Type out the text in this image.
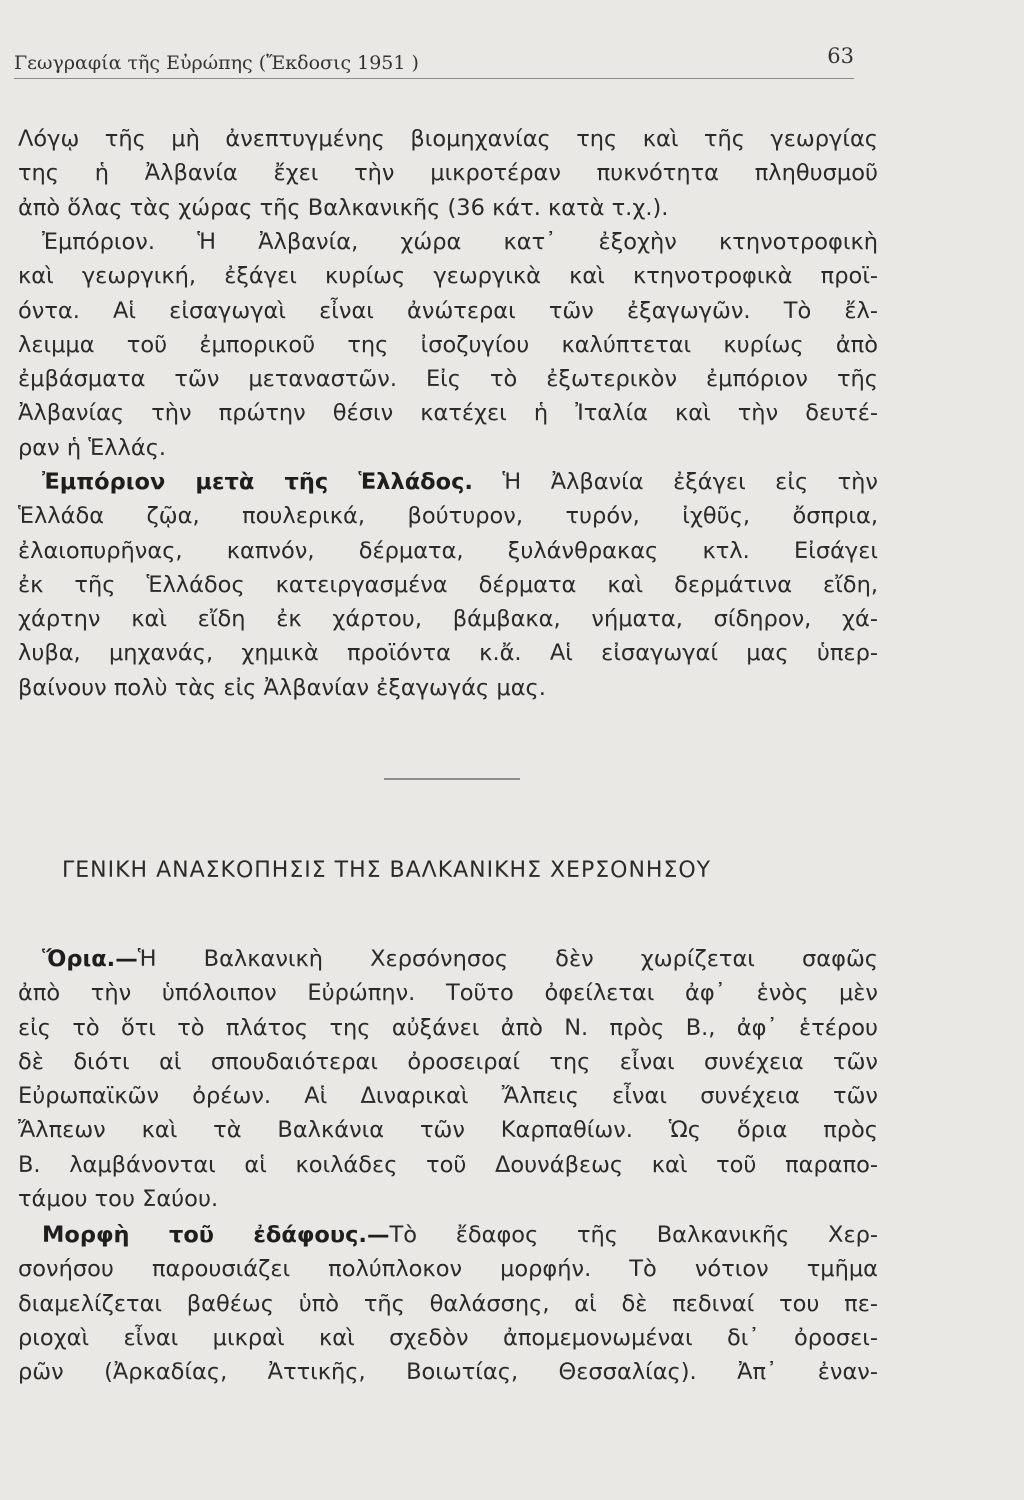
Γεωγραφία τῆς Εὐρώπης (Ἔκδοσις 1951 )	63
Λόγῳ τῆς μὴ ἀνεπτυγμένης βιομηχανίας της καὶ τῆς γεωργίας
της ἡ Ἀλβανία ἔχει τὴν μικροτέραν πυκνότητα πληθυσμοῦ
ἀπὸ ὅλας τὰς χώρας τῆς Βαλκανικῆς (36 κάτ. κατὰ τ.χ.).
Ἐμπόριον. Ἡ Ἀλβανία, χώρα κατ᾽ ἐξοχὴν κτηνοτροφικὴ
καὶ γεωργική, ἐξάγει κυρίως γεωργικὰ καὶ κτηνοτροφικὰ προϊ-
όντα. Αἱ εἰσαγωγαὶ εἶναι ἀνώτεραι τῶν ἐξαγωγῶν. Τὸ ἔλ-
λειμμα τοῦ ἐμπορικοῦ της ἰσοζυγίου καλύπτεται κυρίως ἀπὸ
ἐμβάσματα τῶν μεταναστῶν. Εἰς τὸ ἐξωτερικὸν ἐμπόριον τῆς
Ἀλβανίας τὴν πρώτην θέσιν κατέχει ἡ Ἰταλία καὶ τὴν δευτέ-
ραν ἡ Ἑλλάς.
Ἐμπόριον μετὰ τῆς Ἑλλάδος. Ἡ Ἀλβανία ἐξάγει εἰς τὴν
Ἑλλάδα ζῷα, πουλερικά, βούτυρον, τυρόν, ἰχθῦς, ὄσπρια,
ἐλαιοπυρῆνας, καπνόν, δέρματα, ξυλάνθρακας κτλ. Εἰσάγει
ἐκ τῆς Ἑλλάδος κατειργασμένα δέρματα καὶ δερμάτινα εἴδη,
χάρτην καὶ εἴδη ἐκ χάρτου, βάμβακα, νήματα, σίδηρον, χά-
λυβα, μηχανάς, χημικὰ προϊόντα κ.ἄ. Αἱ εἰσαγωγαί μας ὑπερ-
βαίνουν πολὺ τὰς εἰς Ἀλβανίαν ἐξαγωγάς μας.
ΓΕΝΙΚΗ ΑΝΑΣΚΟΠΗΣΙΣ ΤΗΣ ΒΑΛΚΑΝΙΚΗΣ ΧΕΡΣΟΝΗΣΟΥ
Ὅρια.—Ἡ Βαλκανικὴ Χερσόνησος δὲν χωρίζεται σαφῶς
ἀπὸ τὴν ὑπόλοιπον Εὐρώπην. Τοῦτο ὀφείλεται ἀφ᾽ ἑνὸς μὲν
εἰς τὸ ὅτι τὸ πλάτος της αὐξάνει ἀπὸ Ν. πρὸς Β., ἀφ᾽ ἑτέρου
δὲ διότι αἱ σπουδαιότεραι ὀροσειραί της εἶναι συνέχεια τῶν
Εὐρωπαϊκῶν ὀρέων. Αἱ Διναρικαὶ Ἄλπεις εἶναι συνέχεια τῶν
Ἄλπεων καὶ τὰ Βαλκάνια τῶν Καρπαθίων. Ὡς ὅρια πρὸς
Β. λαμβάνονται αἱ κοιλάδες τοῦ Δουνάβεως καὶ τοῦ παραπο-
τάμου του Σαύου.
Μορφὴ τοῦ ἐδάφους.—Τὸ ἔδαφος τῆς Βαλκανικῆς Χερ-
σονήσου παρουσιάζει πολύπλοκον μορφήν. Τὸ νότιον τμῆμα
διαμελίζεται βαθέως ὑπὸ τῆς θαλάσσης, αἱ δὲ πεδιναί του πε-
ριοχαὶ εἶναι μικραὶ καὶ σχεδὸν ἀπομεμονωμέναι δι᾽ ὀροσει-
ρῶν (Ἀρκαδίας, Ἀττικῆς, Βοιωτίας, Θεσσαλίας). Ἀπ᾽ ἐναν-
